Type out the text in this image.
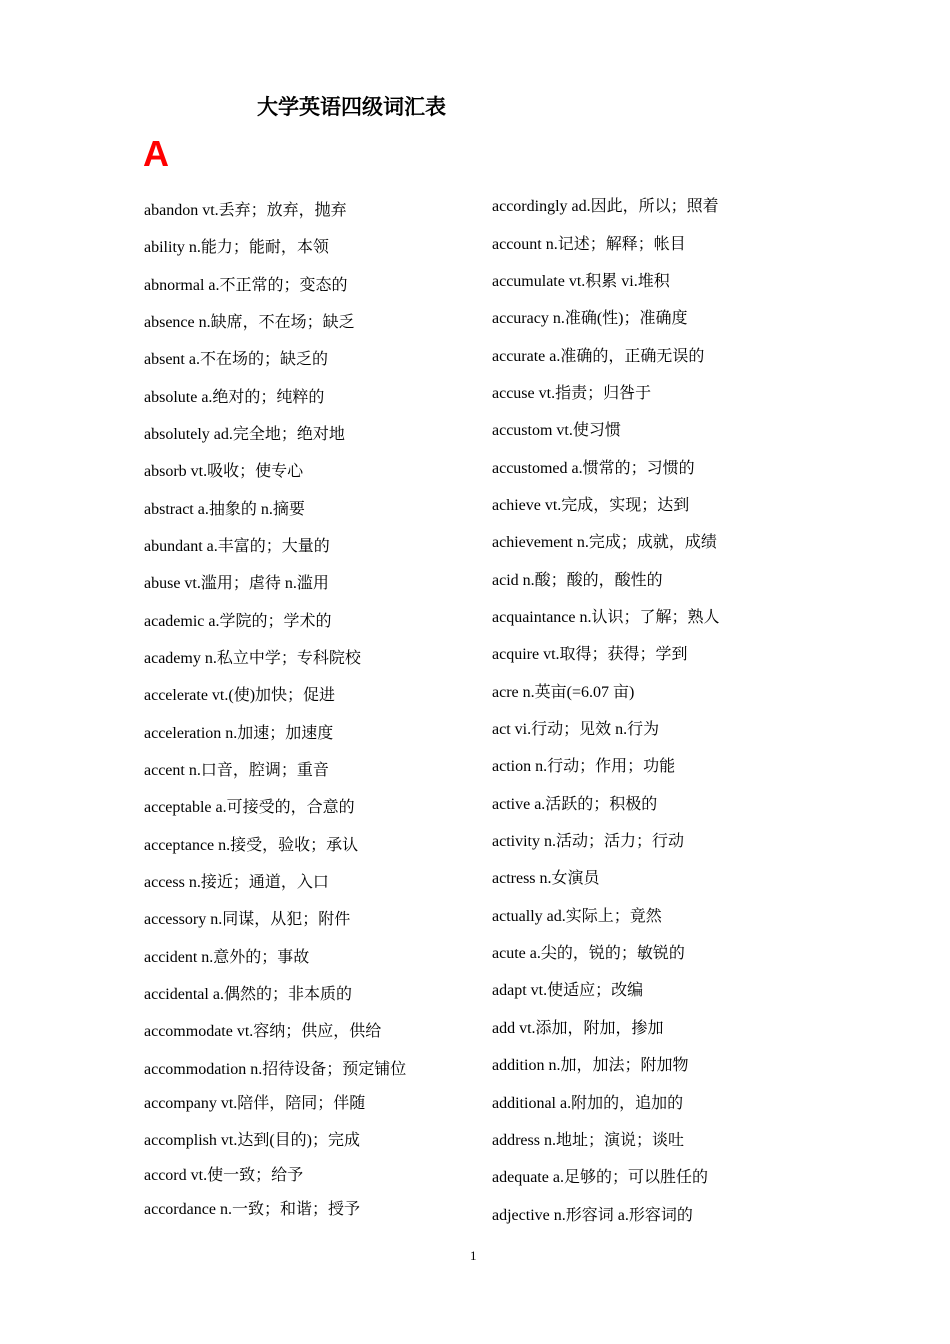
大学英语四级词汇表
A
abandon vt.丢弃；放弃，抛弃
ability n.能力；能耐，本领
abnormal a.不正常的；变态的
absence n.缺席，不在场；缺乏
absent a.不在场的；缺乏的
absolute a.绝对的；纯粹的
absolutely ad.完全地；绝对地
absorb vt.吸收；使专心
abstract a.抽象的 n.摘要
abundant a.丰富的；大量的
abuse vt.滥用；虐待 n.滥用
academic a.学院的；学术的
academy n.私立中学；专科院校
accelerate vt.(使)加快；促进
acceleration n.加速；加速度
accent n.口音，腔调；重音
acceptable a.可接受的，合意的
acceptance n.接受，验收；承认
access n.接近；通道，入口
accessory n.同谋，从犯；附件
accident n.意外的；事故
accidental a.偶然的；非本质的
accommodate vt.容纳；供应，供给
accommodation n.招待设备；预定铺位
accompany vt.陪伴，陪同；伴随
accomplish vt.达到(目的)；完成
accord vt.使一致；给予
accordance n.一致；和谐；授予
accordingly ad.因此，所以；照着
account n.记述；解释；帐目
accumulate vt.积累 vi.堆积
accuracy n.准确(性)；准确度
accurate a.准确的，正确无误的
accuse vt.指责；归咎于
accustom vt.使习惯
accustomed a.惯常的；习惯的
achieve vt.完成，实现；达到
achievement n.完成；成就，成绩
acid n.酸；酸的，酸性的
acquaintance n.认识；了解；熟人
acquire vt.取得；获得；学到
acre n.英亩(=6.07 亩)
act vi.行动；见效 n.行为
action n.行动；作用；功能
active a.活跃的；积极的
activity n.活动；活力；行动
actress n.女演员
actually ad.实际上；竟然
acute a.尖的，锐的；敏锐的
adapt vt.使适应；改编
add vt.添加，附加，掺加
addition n.加，加法；附加物
additional a.附加的，追加的
address n.地址；演说；谈吐
adequate a.足够的；可以胜任的
adjective n.形容词 a.形容词的
1
